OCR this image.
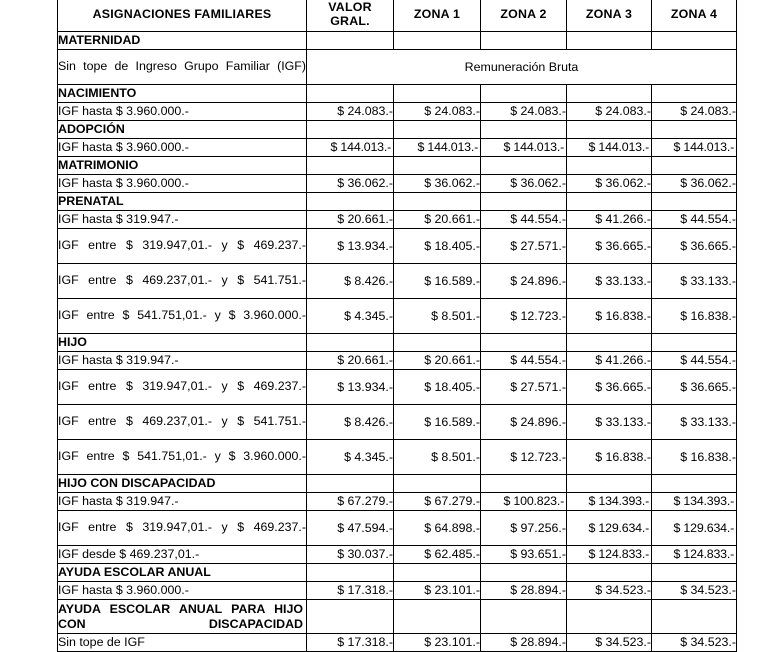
ASIGNACIONES FAMILIARES	VALOR
GRAL.	ZONA 1	ZONA 2	ZONA 3	ZONA 4
MATERNIDAD					
Sin tope de Ingreso Grupo Familiar (IGF)	Remuneración Bruta				
NACIMIENTO					
IGF hasta $ 3.960.000.-	$ 24.083.-	$ 24.083.-	$ 24.083.-	$ 24.083.-	$ 24.083.-
ADOPCIÓN					
IGF hasta $ 3.960.000.-	$ 144.013.-	$ 144.013.-	$ 144.013.-	$ 144.013.-	$ 144.013.-
MATRIMONIO					
IGF hasta $ 3.960.000.-	$ 36.062.-	$ 36.062.-	$ 36.062.-	$ 36.062.-	$ 36.062.-
PRENATAL					
IGF hasta $ 319.947.-	$ 20.661.-	$ 20.661.-	$ 44.554.-	$ 41.266.-	$ 44.554.-
IGF entre $ 319.947,01.- y $ 469.237.-	$ 13.934.-	$ 18.405.-	$ 27.571.-	$ 36.665.-	$ 36.665.-
IGF entre $ 469.237,01.- y $ 541.751.-	$ 8.426.-	$ 16.589.-	$ 24.896.-	$ 33.133.-	$ 33.133.-
IGF entre $ 541.751,01.- y $ 3.960.000.-	$ 4.345.-	$ 8.501.-	$ 12.723.-	$ 16.838.-	$ 16.838.-
HIJO					
IGF hasta $ 319.947.-	$ 20.661.-	$ 20.661.-	$ 44.554.-	$ 41.266.-	$ 44.554.-
IGF entre $ 319.947,01.- y $ 469.237.-	$ 13.934.-	$ 18.405.-	$ 27.571.-	$ 36.665.-	$ 36.665.-
IGF entre $ 469.237,01.- y $ 541.751.-	$ 8.426.-	$ 16.589.-	$ 24.896.-	$ 33.133.-	$ 33.133.-
IGF entre $ 541.751,01.- y $ 3.960.000.-	$ 4.345.-	$ 8.501.-	$ 12.723.-	$ 16.838.-	$ 16.838.-
HIJO CON DISCAPACIDAD					
IGF hasta $ 319.947.-	$ 67.279.-	$ 67.279.-	$ 100.823.-	$ 134.393.-	$ 134.393.-
IGF entre $ 319.947,01.- y $ 469.237.-	$ 47.594.-	$ 64.898.-	$ 97.256.-	$ 129.634.-	$ 129.634.-
IGF desde $ 469.237,01.-	$ 30.037.-	$ 62.485.-	$ 93.651.-	$ 124.833.-	$ 124.833.-
AYUDA ESCOLAR ANUAL					
IGF hasta $ 3.960.000.-	$ 17.318.-	$ 23.101.-	$ 28.894.-	$ 34.523.-	$ 34.523.-
AYUDA ESCOLAR ANUAL PARA HIJO CON DISCAPACIDAD					
Sin tope de IGF	$ 17.318.-	$ 23.101.-	$ 28.894.-	$ 34.523.-	$ 34.523.-
